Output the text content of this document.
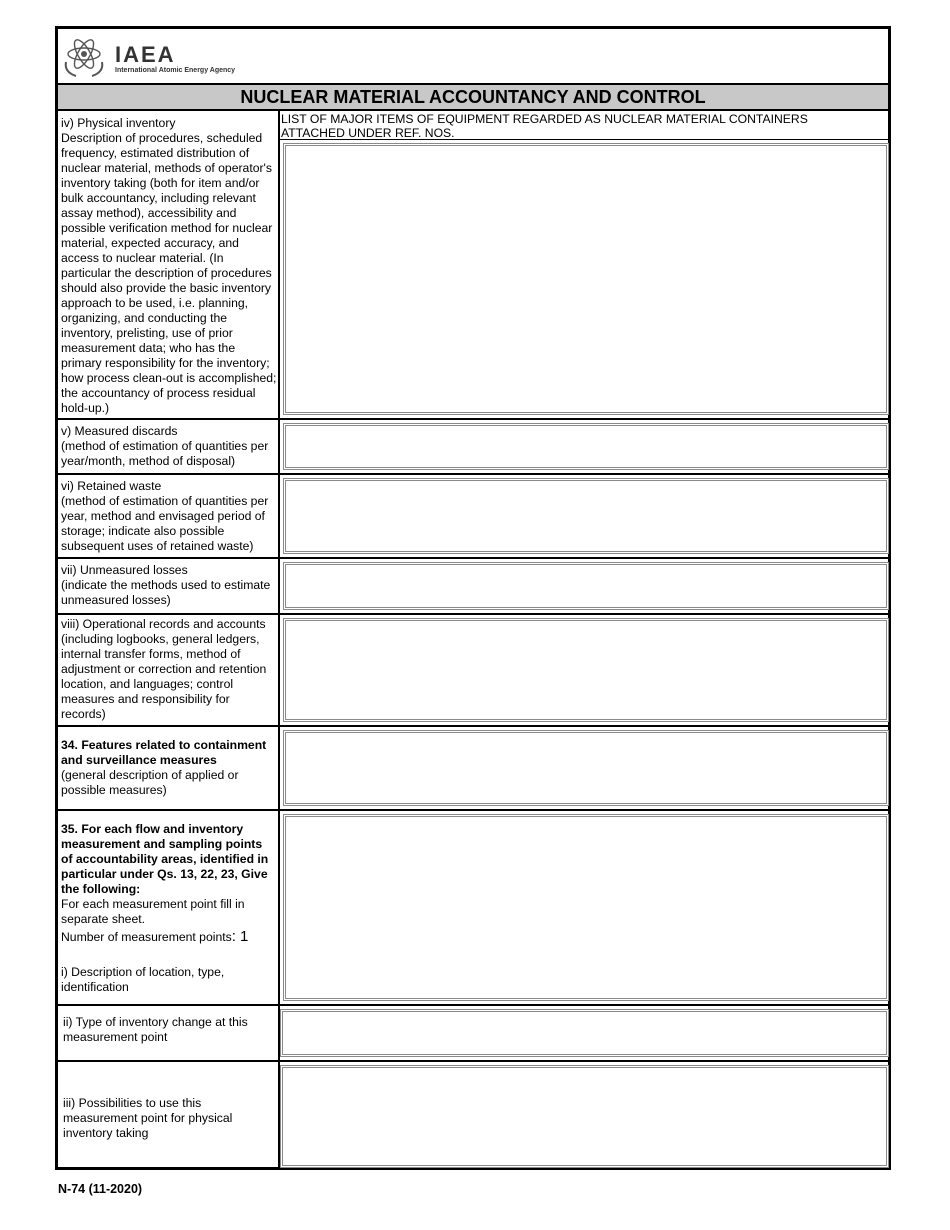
IAEA
International Atomic Energy Agency
NUCLEAR MATERIAL ACCOUNTANCY AND CONTROL
LIST OF MAJOR ITEMS OF EQUIPMENT REGARDED AS NUCLEAR MATERIAL CONTAINERS
ATTACHED UNDER REF. NOS.
iv) Physical inventory
Description of procedures, scheduled frequency, estimated distribution of nuclear material, methods of operator's inventory taking (both for item and/or bulk accountancy, including relevant assay method), accessibility and possible verification method for nuclear material, expected accuracy, and access to nuclear material. (In particular the description of procedures should also provide the basic inventory approach to be used, i.e. planning, organizing, and conducting the inventory, prelisting, use of prior measurement data; who has the primary responsibility for the inventory; how process clean-out is accomplished; the accountancy of process residual hold-up.)
v) Measured discards
(method of estimation of quantities per year/month, method of disposal)
vi) Retained waste
(method of estimation of quantities per year, method and envisaged period of storage; indicate also possible subsequent uses of retained waste)
vii) Unmeasured losses
(indicate the methods used to estimate unmeasured losses)
viii) Operational records and accounts (including logbooks, general ledgers, internal transfer forms, method of adjustment or correction and retention location, and languages; control measures and responsibility for records)
34. Features related to containment and surveillance measures
(general description of applied or possible measures)
35. For each flow and inventory measurement and sampling points of accountability areas, identified in particular under Qs. 13, 22, 23, Give the following:
For each measurement point fill in separate sheet.
Number of measurement points: 1
i) Description of location, type, identification
ii) Type of inventory change at this measurement point
iii) Possibilities to use this measurement point for physical inventory taking
N-74 (11-2020)
